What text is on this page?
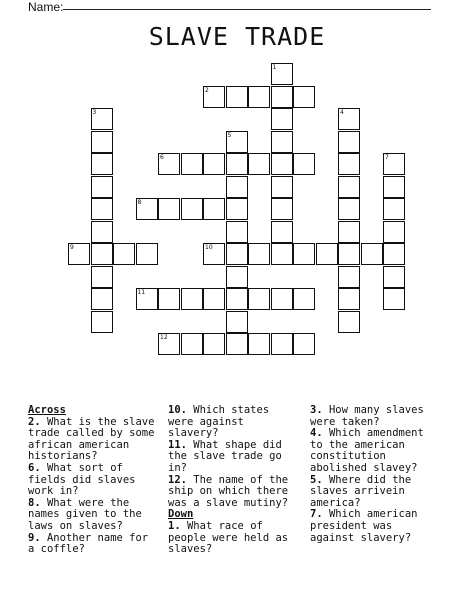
Name:
SLAVE TRADE
1
2
3	4
5
6	7
8
9	10
11
12
Across
2. What is the slave trade called by some african american historians?
6. What sort of fields did slaves work in?
8. What were the names given to the laws on slaves?
9. Another name for a coffle?
10. Which states were against slavery?
11. What shape did the slave trade go in?
12. The name of the ship on which there was a slave mutiny?
Down
1. What race of people were held as slaves?
3. How many slaves were taken?
4. Which amendment to the american constitution abolished slavey?
5. Where did the slaves arrivein america?
7. Which american president was against slavery?
